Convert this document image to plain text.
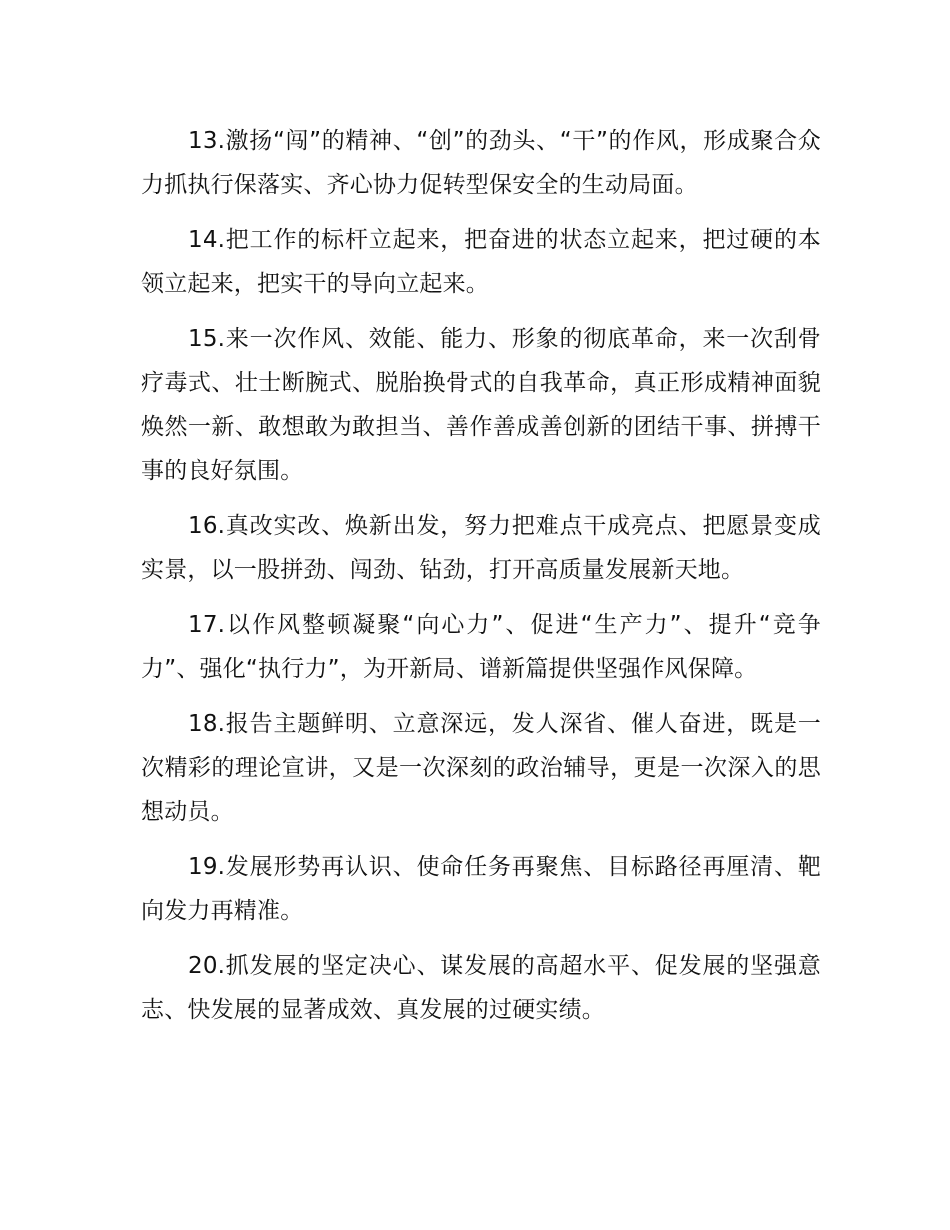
13.激扬“闯”的精神、“创”的劲头、“干”的作风，形成聚合众力抓执行保落实、齐心协力促转型保安全的生动局面。

14.把工作的标杆立起来，把奋进的状态立起来，把过硬的本领立起来，把实干的导向立起来。

15.来一次作风、效能、能力、形象的彻底革命，来一次刮骨疗毒式、壮士断腕式、脱胎换骨式的自我革命，真正形成精神面貌焕然一新、敢想敢为敢担当、善作善成善创新的团结干事、拼搏干事的良好氛围。

16.真改实改、焕新出发，努力把难点干成亮点、把愿景变成实景，以一股拼劲、闯劲、钻劲，打开高质量发展新天地。

17.以作风整顿凝聚“向心力”、促进“生产力”、提升“竞争力”、强化“执行力”，为开新局、谱新篇提供坚强作风保障。

18.报告主题鲜明、立意深远，发人深省、催人奋进，既是一次精彩的理论宣讲，又是一次深刻的政治辅导，更是一次深入的思想动员。

19.发展形势再认识、使命任务再聚焦、目标路径再厘清、靶向发力再精准。

20.抓发展的坚定决心、谋发展的高超水平、促发展的坚强意志、快发展的显著成效、真发展的过硬实绩。
